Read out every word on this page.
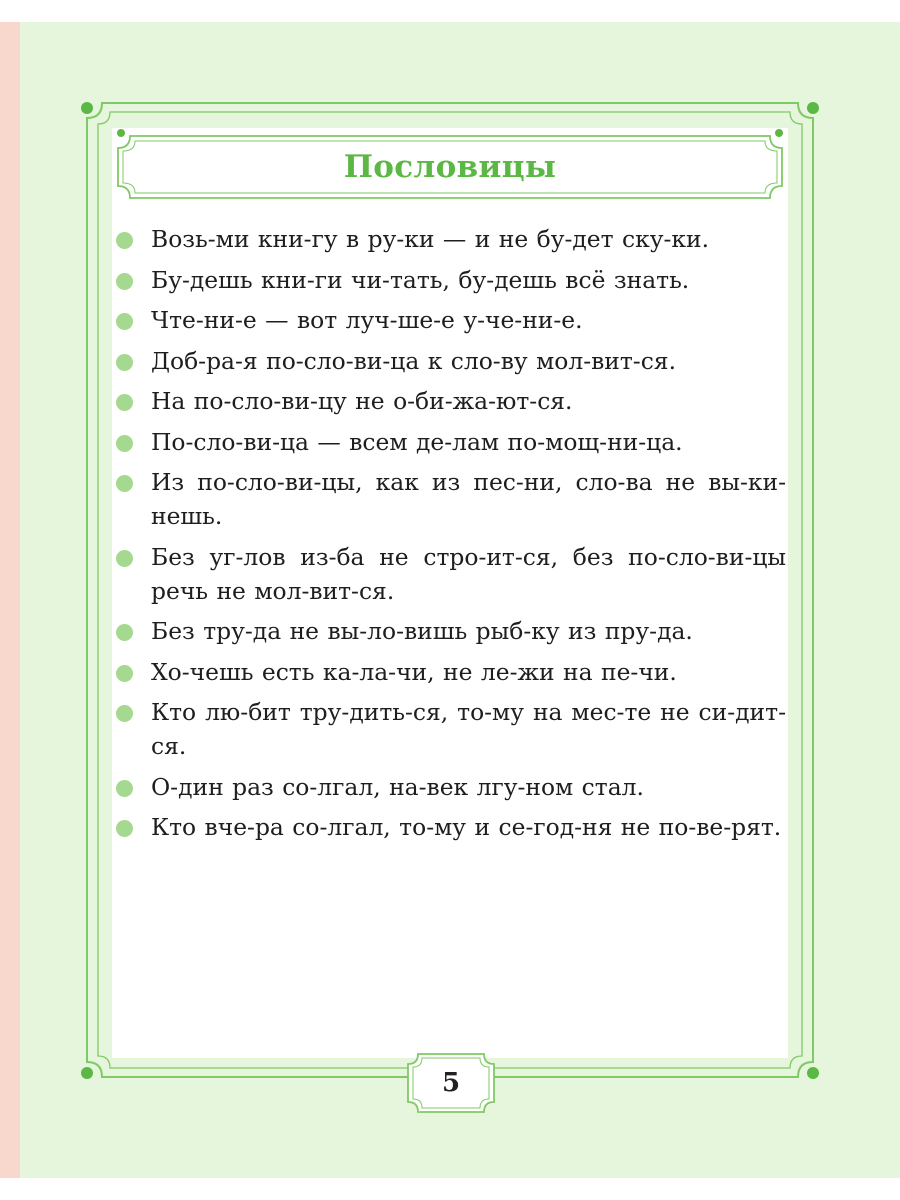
Пословицы
Возь-ми кни-гу в ру-ки — и не бу-дет ску-ки.
Бу-дешь кни-ги чи-тать, бу-дешь всё знать.
Чте-ни-е — вот луч-ше-е у-че-ни-е.
Доб-ра-я по-сло-ви-ца к сло-ву мол-вит-ся.
На по-сло-ви-цу не о-би-жа-ют-ся.
По-сло-ви-ца — всем де-лам по-мощ-ни-ца.
Из по-сло-ви-цы, как из пес-ни, сло-ва не вы-ки-нешь.
Без уг-лов из-ба не стро-ит-ся, без по-сло-ви-цы речь не мол-вит-ся.
Без тру-да не вы-ло-вишь рыб-ку из пру-да.
Хо-чешь есть ка-ла-чи, не ле-жи на пе-чи.
Кто лю-бит тру-дить-ся, то-му на мес-те не си-дит-ся.
О-дин раз со-лгал, на-век лгу-ном стал.
Кто вче-ра со-лгал, то-му и се-год-ня не по-ве-рят.
5
